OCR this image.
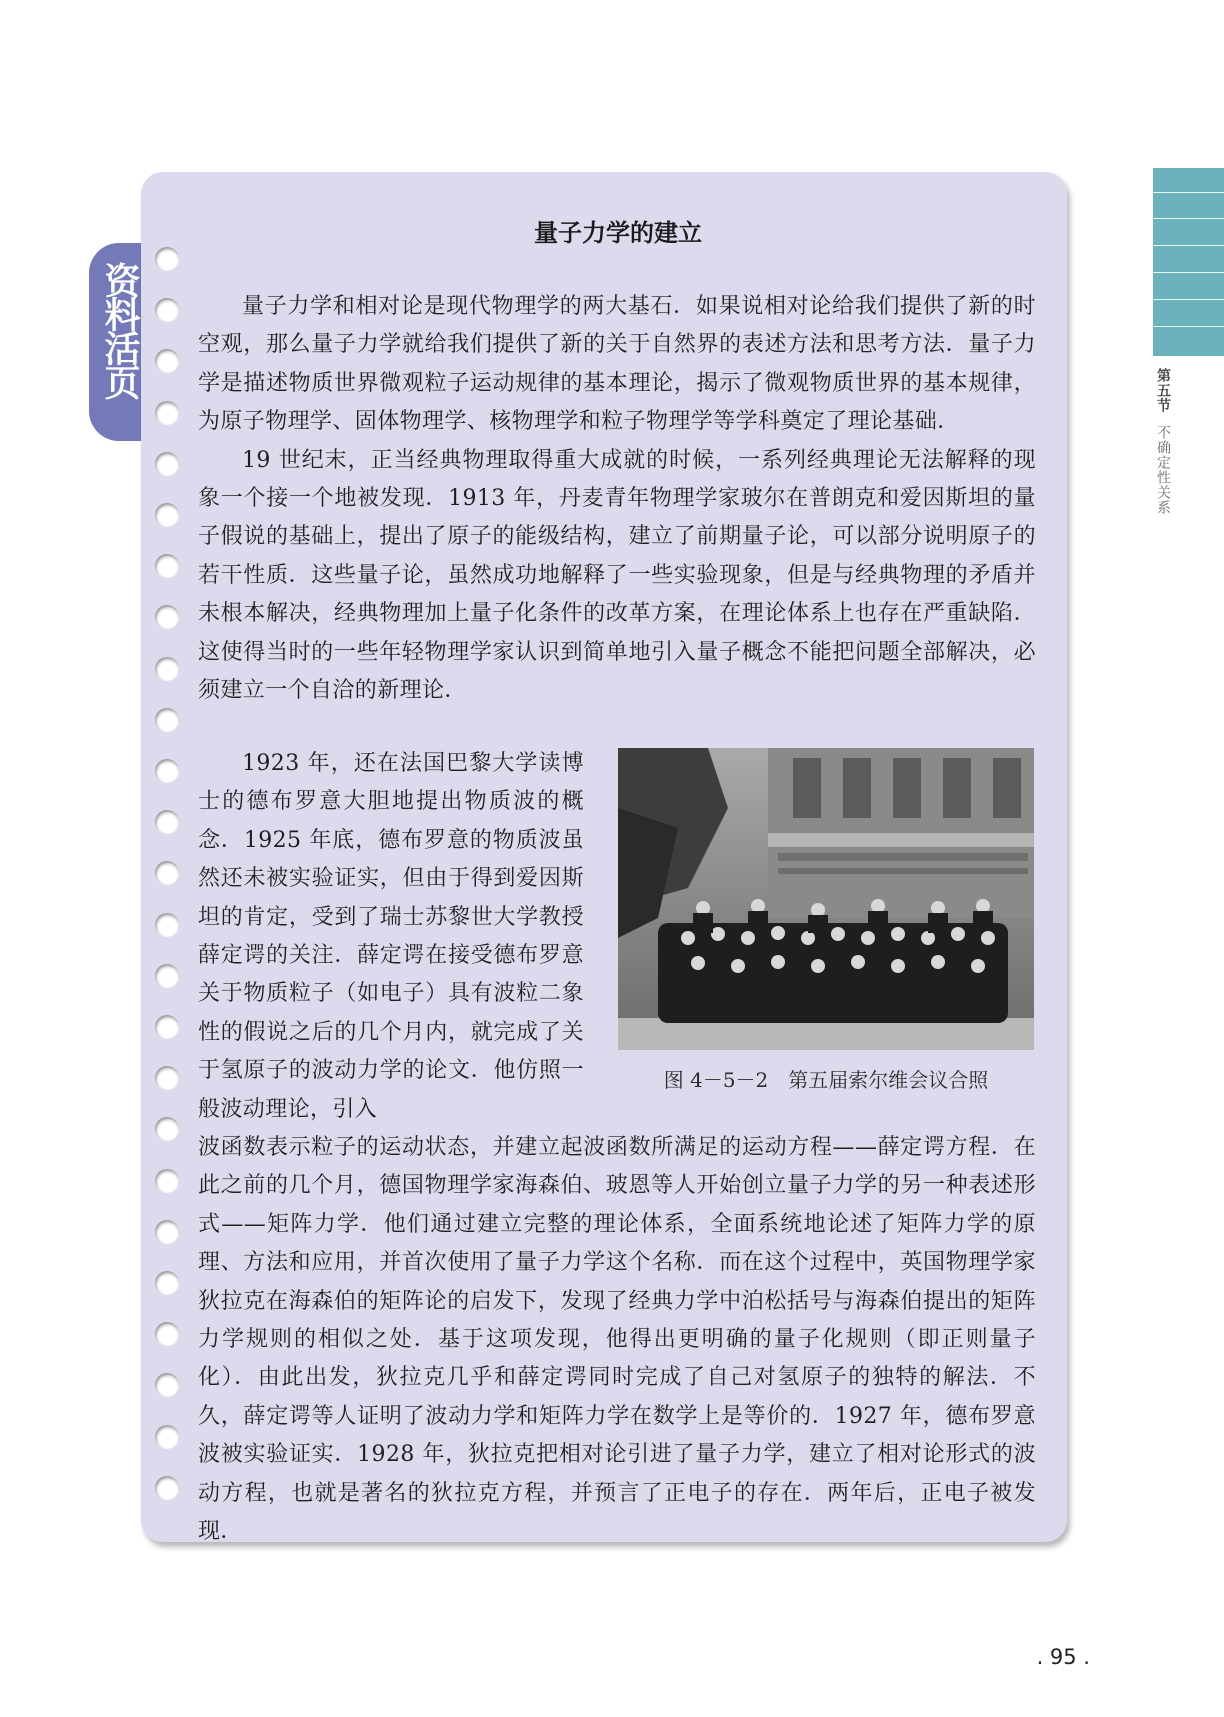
第五节不确定性关系
资料活页
量子力学的建立

量子力学和相对论是现代物理学的两大基石．如果说相对论给我们提供了新的时空观，那么量子力学就给我们提供了新的关于自然界的表述方法和思考方法．量子力学是描述物质世界微观粒子运动规律的基本理论，揭示了微观物质世界的基本规律，为原子物理学、固体物理学、核物理学和粒子物理学等学科奠定了理论基础．

19 世纪末，正当经典物理取得重大成就的时候，一系列经典理论无法解释的现象一个接一个地被发现．1913 年，丹麦青年物理学家玻尔在普朗克和爱因斯坦的量子假说的基础上，提出了原子的能级结构，建立了前期量子论，可以部分说明原子的若干性质．这些量子论，虽然成功地解释了一些实验现象，但是与经典物理的矛盾并未根本解决，经典物理加上量子化条件的改革方案，在理论体系上也存在严重缺陷．这使得当时的一些年轻物理学家认识到简单地引入量子概念不能把问题全部解决，必须建立一个自洽的新理论．

1923 年，还在法国巴黎大学读博士的德布罗意大胆地提出物质波的概念．1925 年底，德布罗意的物质波虽然还未被实验证实，但由于得到爱因斯坦的肯定，受到了瑞士苏黎世大学教授薛定谔的关注．薛定谔在接受德布罗意关于物质粒子（如电子）具有波粒二象性的假说之后的几个月内，就完成了关于氢原子的波动力学的论文．他仿照一般波动理论，引入

图 4－5－2　第五届索尔维会议合照

波函数表示粒子的运动状态，并建立起波函数所满足的运动方程——薛定谔方程．在此之前的几个月，德国物理学家海森伯、玻恩等人开始创立量子力学的另一种表述形式——矩阵力学．他们通过建立完整的理论体系，全面系统地论述了矩阵力学的原理、方法和应用，并首次使用了量子力学这个名称．而在这个过程中，英国物理学家狄拉克在海森伯的矩阵论的启发下，发现了经典力学中泊松括号与海森伯提出的矩阵力学规则的相似之处．基于这项发现，他得出更明确的量子化规则（即正则量子化）．由此出发，狄拉克几乎和薛定谔同时完成了自己对氢原子的独特的解法．不久，薛定谔等人证明了波动力学和矩阵力学在数学上是等价的．1927 年，德布罗意波被实验证实．1928 年，狄拉克把相对论引进了量子力学，建立了相对论形式的波动方程，也就是著名的狄拉克方程，并预言了正电子的存在．两年后，正电子被发现．

. 95 .
